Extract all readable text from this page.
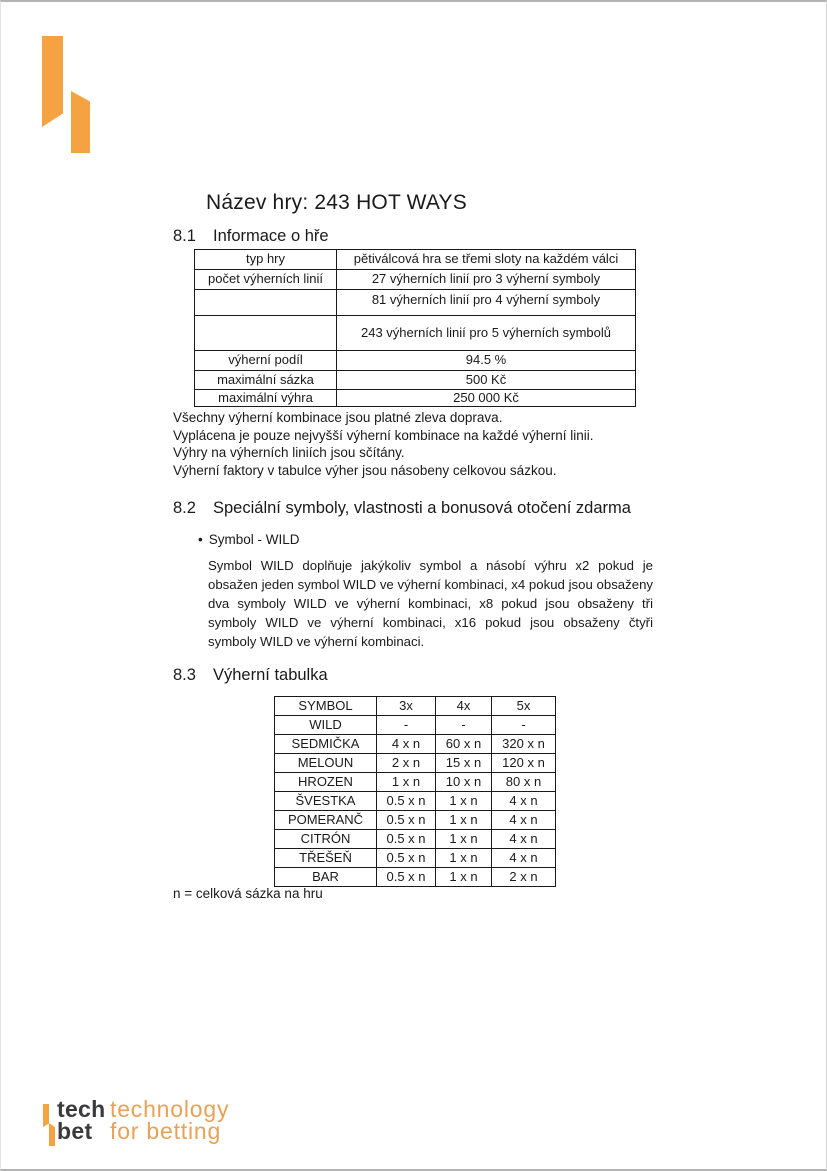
Název hry: 243 HOT WAYS
8.1	Informace o hře
typ hry	pětiválcová hra se třemi sloty na každém válci
počet výherních linií	27 výherních linií pro 3 výherní symboly
	81 výherních linií pro 4 výherní symboly
	243 výherních linií pro 5 výherních symbolů
výherní podíl	94.5 %
maximální sázka	500 Kč
maximální výhra	250 000 Kč
Všechny výherní kombinace jsou platné zleva doprava.
Vyplácena je pouze nejvyšší výherní kombinace na každé výherní linii.
Výhry na výherních liniích jsou sčítány.
Výherní faktory v tabulce výher jsou násobeny celkovou sázkou.
8.2	Speciální symboly, vlastnosti a bonusová otočení zdarma
• Symbol - WILD
Symbol WILD doplňuje jakýkoliv symbol a násobí výhru x2 pokud je obsažen jeden symbol WILD ve výherní kombinaci, x4 pokud jsou obsaženy dva symboly WILD ve výherní kombinaci, x8 pokud jsou obsaženy tři symboly WILD ve výherní kombinaci, x16 pokud jsou obsaženy čtyři symboly WILD ve výherní kombinaci.
8.3	Výherní tabulka
SYMBOL	3x	4x	5x
WILD	-	-	-
SEDMIČKA	4 x n	60 x n	320 x n
MELOUN	2 x n	15 x n	120 x n
HROZEN	1 x n	10 x n	80 x n
ŠVESTKA	0.5 x n	1 x n	4 x n
POMERANČ	0.5 x n	1 x n	4 x n
CITRÓN	0.5 x n	1 x n	4 x n
TŘEŠEŇ	0.5 x n	1 x n	4 x n
BAR	0.5 x n	1 x n	2 x n
n = celková sázka na hru
tech technology
bet for betting
